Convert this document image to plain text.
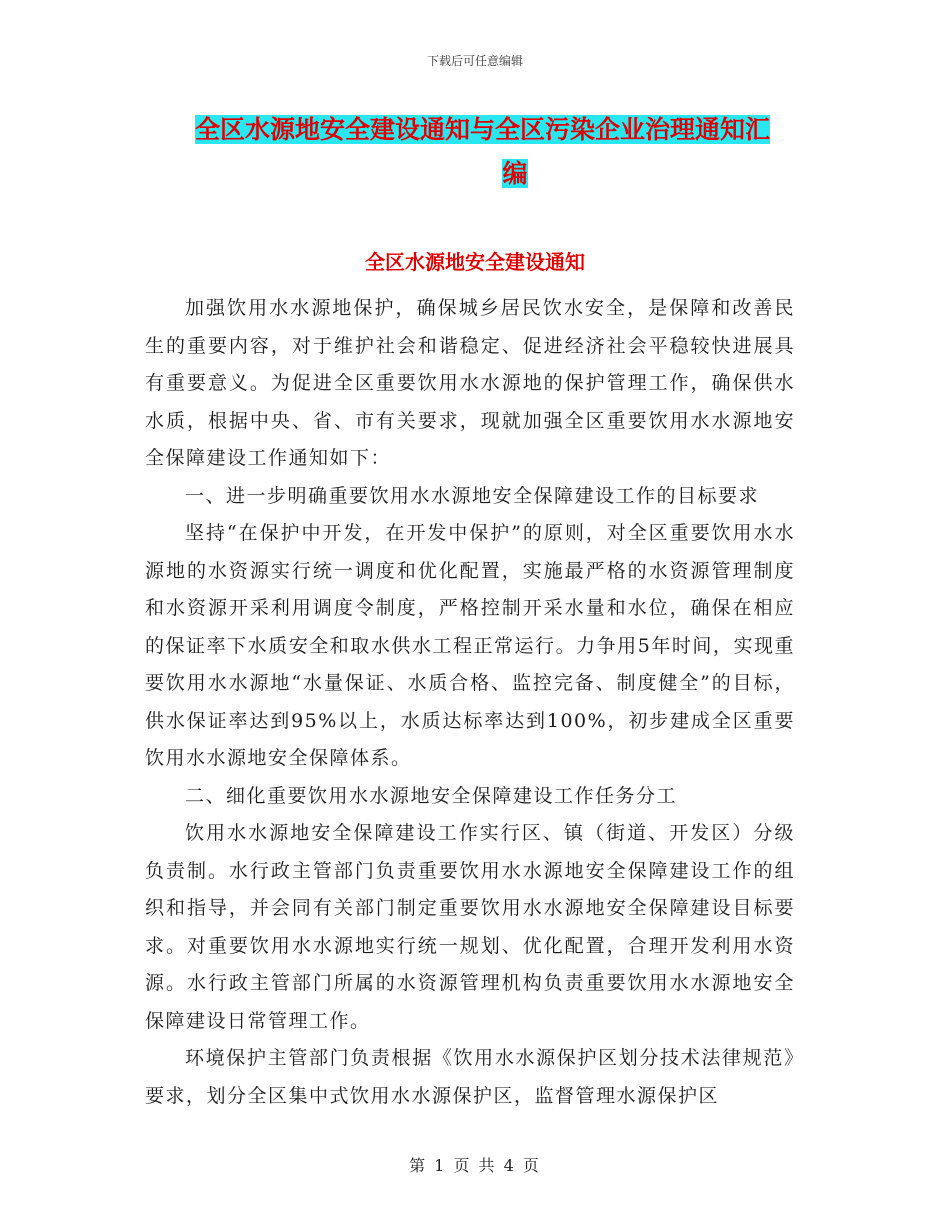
下载后可任意编辑
全区水源地安全建设通知与全区污染企业治理通知汇
编
全区水源地安全建设通知

加强饮用水水源地保护，确保城乡居民饮水安全，是保障和改善民生的重要内容，对于维护社会和谐稳定、促进经济社会平稳较快进展具有重要意义。为促进全区重要饮用水水源地的保护管理工作，确保供水水质，根据中央、省、市有关要求，现就加强全区重要饮用水水源地安全保障建设工作通知如下：

一、进一步明确重要饮用水水源地安全保障建设工作的目标要求

坚持“在保护中开发，在开发中保护”的原则，对全区重要饮用水水源地的水资源实行统一调度和优化配置，实施最严格的水资源管理制度和水资源开采利用调度令制度，严格控制开采水量和水位，确保在相应的保证率下水质安全和取水供水工程正常运行。力争用5年时间，实现重要饮用水水源地“水量保证、水质合格、监控完备、制度健全”的目标，供水保证率达到95%以上，水质达标率达到100%，初步建成全区重要饮用水水源地安全保障体系。

二、细化重要饮用水水源地安全保障建设工作任务分工

饮用水水源地安全保障建设工作实行区、镇（街道、开发区）分级负责制。水行政主管部门负责重要饮用水水源地安全保障建设工作的组织和指导，并会同有关部门制定重要饮用水水源地安全保障建设目标要求。对重要饮用水水源地实行统一规划、优化配置，合理开发利用水资源。水行政主管部门所属的水资源管理机构负责重要饮用水水源地安全保障建设日常管理工作。

环境保护主管部门负责根据《饮用水水源保护区划分技术法律规范》要求，划分全区集中式饮用水水源保护区，监督管理水源保护区

第 1 页 共 4 页
